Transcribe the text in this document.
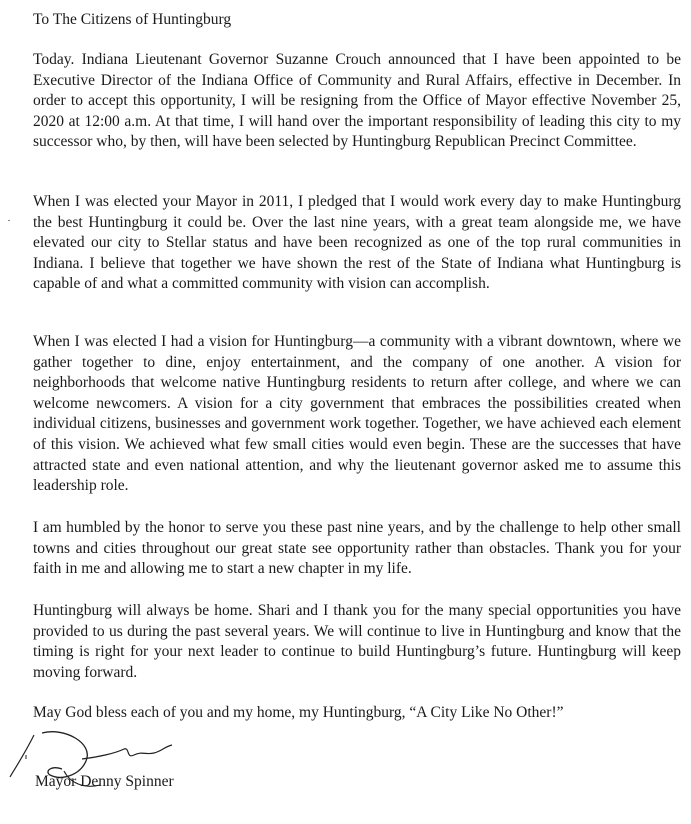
To The Citizens of Huntingburg

Today. Indiana Lieutenant Governor Suzanne Crouch announced that I have been appointed to be Executive Director of the Indiana Office of Community and Rural Affairs, effective in December. In order to accept this opportunity, I will be resigning from the Office of Mayor effective November 25, 2020 at 12:00 a.m. At that time, I will hand over the important responsibility of leading this city to my successor who, by then, will have been selected by Huntingburg Republican Precinct Committee.

When I was elected your Mayor in 2011, I pledged that I would work every day to make Huntingburg the best Huntingburg it could be. Over the last nine years, with a great team alongside me, we have elevated our city to Stellar status and have been recognized as one of the top rural communities in Indiana. I believe that together we have shown the rest of the State of Indiana what Huntingburg is capable of and what a committed community with vision can accomplish.

When I was elected I had a vision for Huntingburg—a community with a vibrant downtown, where we gather together to dine, enjoy entertainment, and the company of one another. A vision for neighborhoods that welcome native Huntingburg residents to return after college, and where we can welcome newcomers. A vision for a city government that embraces the possibilities created when individual citizens, businesses and government work together. Together, we have achieved each element of this vision. We achieved what few small cities would even begin. These are the successes that have attracted state and even national attention, and why the lieutenant governor asked me to assume this leadership role.

I am humbled by the honor to serve you these past nine years, and by the challenge to help other small towns and cities throughout our great state see opportunity rather than obstacles. Thank you for your faith in me and allowing me to start a new chapter in my life.

Huntingburg will always be home. Shari and I thank you for the many special opportunities you have provided to us during the past several years. We will continue to live in Huntingburg and know that the timing is right for your next leader to continue to build Huntingburg’s future. Huntingburg will keep moving forward.

May God bless each of you and my home, my Huntingburg, “A City Like No Other!”

Mayor Denny Spinner
